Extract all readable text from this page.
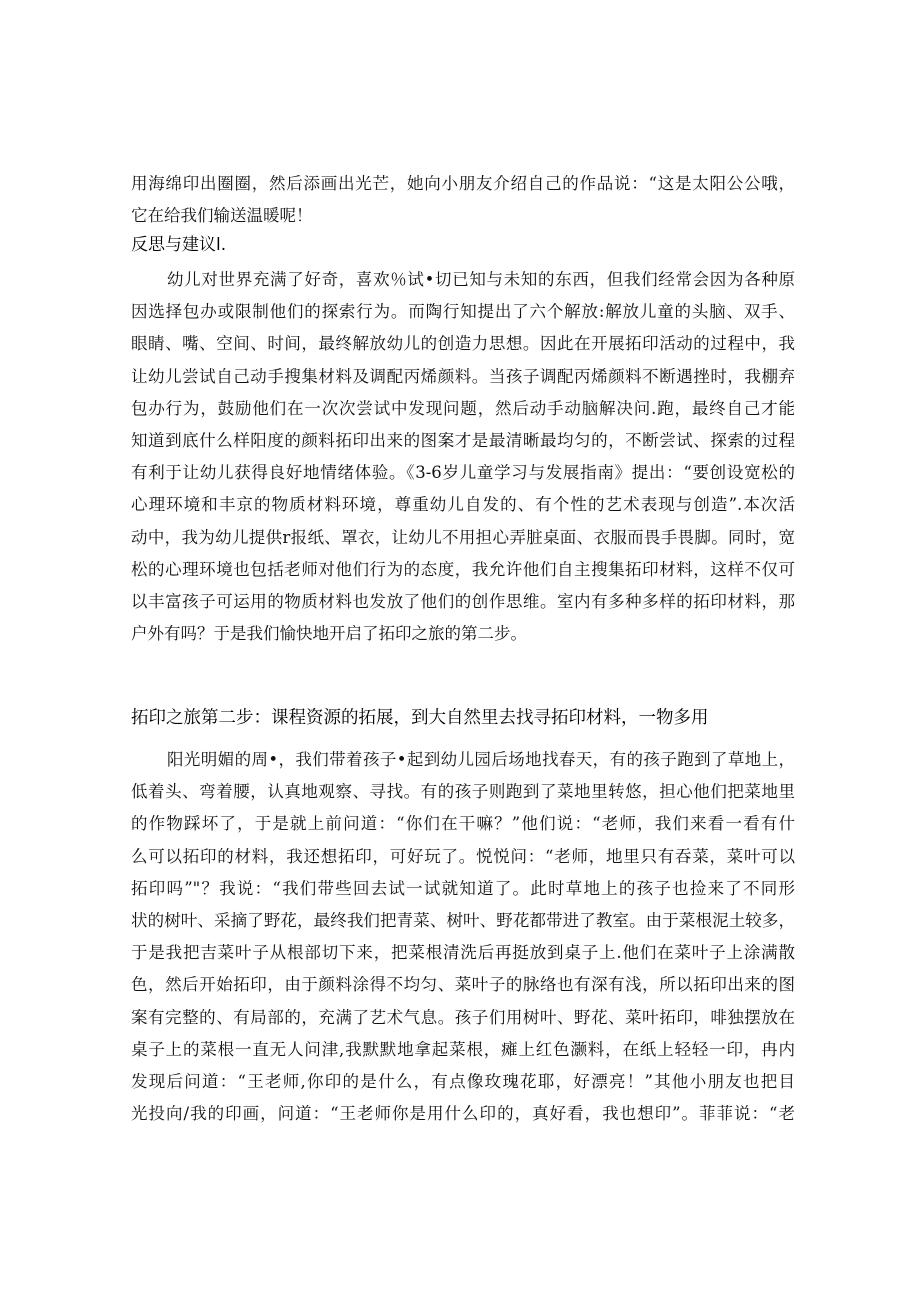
用海绵印出圈圈，然后添画出光芒，她向小朋友介绍自己的作品说：“这是太阳公公哦，
它在给我们输送温暖呢！
反思与建议l.
幼儿对世界充满了好奇，喜欢％试•切已知与未知的东西，但我们经常会因为各种原
因选择包办或限制他们的探索行为。而陶行知提出了六个解放:解放儿童的头脑、双手、
眼睛、嘴、空间、时间，最终解放幼儿的创造力思想。因此在开展拓印活动的过程中，我
让幼儿尝试自己动手搜集材料及调配丙烯颜料。当孩子调配丙烯颜料不断遇挫时，我棚弃
包办行为，鼓励他们在一次次尝试中发现问题，然后动手动脑解决问.跑，最终自己才能
知道到底什么样阳度的颜料拓印出来的图案才是最清晰最均匀的，不断尝试、探索的过程
有利于让幼儿获得良好地情绪体验。《3-6岁儿童学习与发展指南》提出：“要创设宽松的
心理环境和丰京的物质材料环境，尊重幼儿自发的、有个性的艺术表现与创造”.本次活
动中，我为幼儿提供r报纸、罩衣，让幼儿不用担心弄脏桌面、衣服而畏手畏脚。同时，宽
松的心理环境也包括老师对他们行为的态度，我允许他们自主搜集拓印材料，这样不仅可
以丰富孩子可运用的物质材料也发放了他们的创作思维。室内有多种多样的拓印材料，那
户外有吗？于是我们愉快地开启了拓印之旅的第二步。
拓印之旅第二步：课程资源的拓展，到大自然里去找寻拓印材料，一物多用
阳光明媚的周•，我们带着孩子•起到幼儿园后场地找春天，有的孩子跑到了草地上，
低着头、弯着腰，认真地观察、寻找。有的孩子则跑到了菜地里转悠，担心他们把菜地里
的作物踩坏了，于是就上前问道：“你们在干嘛？”他们说：“老师，我们来看一看有什
么可以拓印的材料，我还想拓印，可好玩了。悦悦问：“老师，地里只有吞菜，菜叶可以
拓印吗”"？我说：“我们带些回去试一试就知道了。此时草地上的孩子也捡来了不同形
状的树叶、采摘了野花，最终我们把青菜、树叶、野花都带进了教室。由于菜根泥土较多，
于是我把吉菜叶子从根部切下来，把菜根清洗后再挺放到桌子上.他们在菜叶子上涂满散
色，然后开始拓印，由于颜料涂得不均匀、菜叶子的脉络也有深有浅，所以拓印出来的图
案有完整的、有局部的，充满了艺术气息。孩子们用树叶、野花、菜叶拓印，啡独摆放在
桌子上的菜根一直无人问津,我默默地拿起菜根，瘫上红色灏料，在纸上轻轻一印，冉内
发现后问道：“王老师,你印的是什么，有点像玫瑰花耶，好漂亮！”其他小朋友也把目
光投向/我的印画，问道：“王老师你是用什么印的，真好看，我也想印”。菲菲说：“老
